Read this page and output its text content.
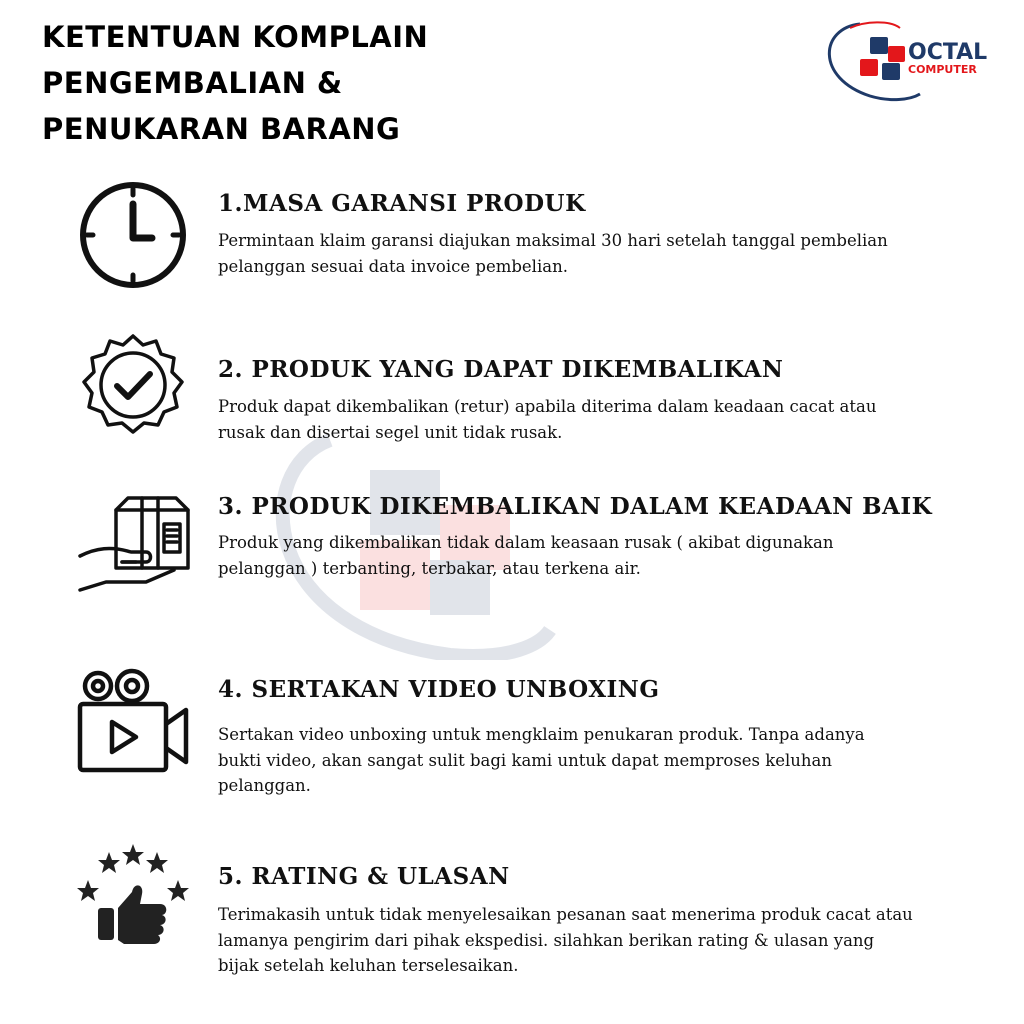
KETENTUAN KOMPLAIN
PENGEMBALIAN &
PENUKARAN BARANG
OCTAL
COMPUTER
1.MASA GARANSI PRODUK
Permintaan klaim garansi diajukan maksimal 30 hari setelah tanggal pembelian
pelanggan sesuai data invoice pembelian.
2. PRODUK YANG DAPAT DIKEMBALIKAN
Produk dapat dikembalikan (retur) apabila diterima dalam keadaan cacat atau
rusak dan disertai segel unit tidak rusak.
3. PRODUK DIKEMBALIKAN DALAM KEADAAN BAIK
Produk yang dikembalikan tidak dalam keasaan rusak ( akibat digunakan
pelanggan ) terbanting, terbakar, atau terkena air.
4. SERTAKAN VIDEO UNBOXING
Sertakan video unboxing untuk mengklaim penukaran produk. Tanpa adanya
bukti video, akan sangat sulit bagi kami untuk dapat memproses keluhan
pelanggan.
5. RATING & ULASAN
Terimakasih untuk tidak menyelesaikan pesanan saat menerima produk cacat atau
lamanya pengirim dari pihak ekspedisi. silahkan berikan rating & ulasan yang
bijak setelah keluhan terselesaikan.
